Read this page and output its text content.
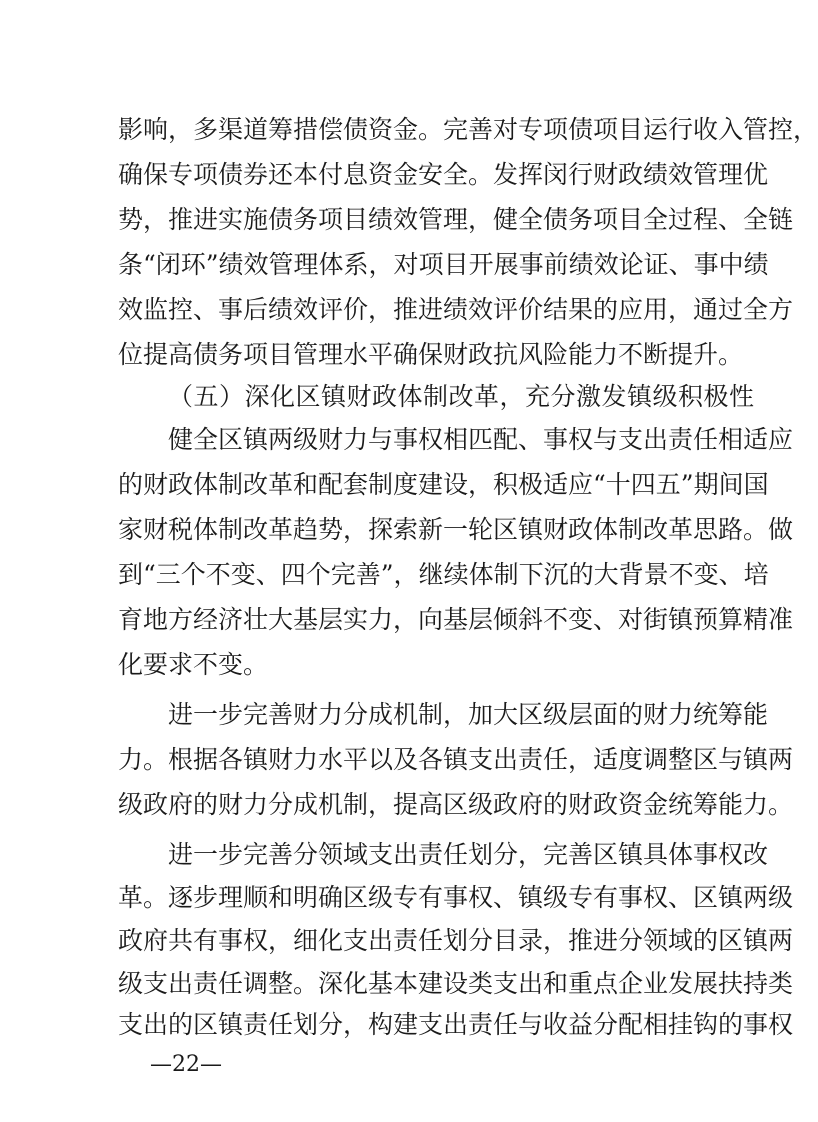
影响，多渠道筹措偿债资金。完善对专项债项目运行收入管控，
确保专项债券还本付息资金安全。发挥闵行财政绩效管理优
势，推进实施债务项目绩效管理，健全债务项目全过程、全链
条“闭环”绩效管理体系，对项目开展事前绩效论证、事中绩
效监控、事后绩效评价，推进绩效评价结果的应用，通过全方
位提高债务项目管理水平确保财政抗风险能力不断提升。
（五）深化区镇财政体制改革，充分激发镇级积极性
健全区镇两级财力与事权相匹配、事权与支出责任相适应
的财政体制改革和配套制度建设，积极适应“十四五”期间国
家财税体制改革趋势，探索新一轮区镇财政体制改革思路。做
到“三个不变、四个完善”，继续体制下沉的大背景不变、培
育地方经济壮大基层实力，向基层倾斜不变、对街镇预算精准
化要求不变。
进一步完善财力分成机制，加大区级层面的财力统筹能
力。根据各镇财力水平以及各镇支出责任，适度调整区与镇两
级政府的财力分成机制，提高区级政府的财政资金统筹能力。
进一步完善分领域支出责任划分，完善区镇具体事权改
革。逐步理顺和明确区级专有事权、镇级专有事权、区镇两级
政府共有事权，细化支出责任划分目录，推进分领域的区镇两
级支出责任调整。深化基本建设类支出和重点企业发展扶持类
—22—
支出的区镇责任划分，构建支出责任与收益分配相挂钩的事权
